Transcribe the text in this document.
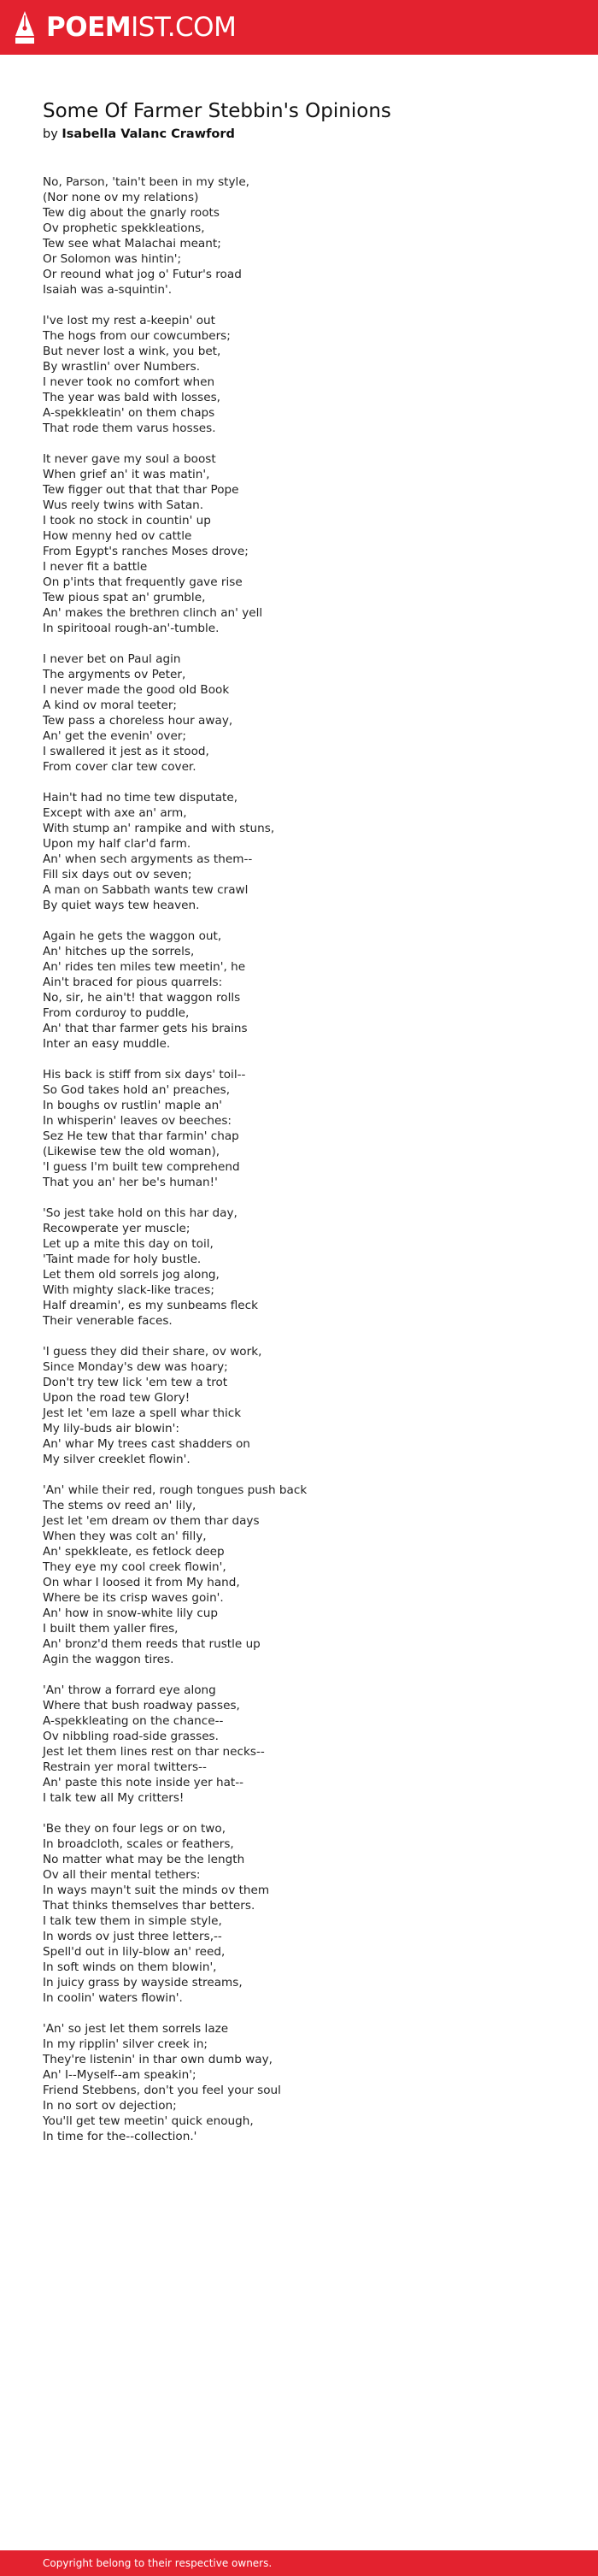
POEMIST.COM
Some Of Farmer Stebbin's Opinions
by Isabella Valanc Crawford
No, Parson, 'tain't been in my style,
(Nor none ov my relations)
Tew dig about the gnarly roots
Ov prophetic spekkleations,
Tew see what Malachai meant;
Or Solomon was hintin';
Or reound what jog o' Futur's road
Isaiah was a-squintin'.
I've lost my rest a-keepin' out
The hogs from our cowcumbers;
But never lost a wink, you bet,
By wrastlin' over Numbers.
I never took no comfort when
The year was bald with losses,
A-spekkleatin' on them chaps
That rode them varus hosses.
It never gave my soul a boost
When grief an' it was matin',
Tew figger out that that thar Pope
Wus reely twins with Satan.
I took no stock in countin' up
How menny hed ov cattle
From Egypt's ranches Moses drove;
I never fit a battle
On p'ints that frequently gave rise
Tew pious spat an' grumble,
An' makes the brethren clinch an' yell
In spiritooal rough-an'-tumble.
I never bet on Paul agin
The argyments ov Peter,
I never made the good old Book
A kind ov moral teeter;
Tew pass a choreless hour away,
An' get the evenin' over;
I swallered it jest as it stood,
From cover clar tew cover.
Hain't had no time tew disputate,
Except with axe an' arm,
With stump an' rampike and with stuns,
Upon my half clar'd farm.
An' when sech argyments as them--
Fill six days out ov seven;
A man on Sabbath wants tew crawl
By quiet ways tew heaven.
Again he gets the waggon out,
An' hitches up the sorrels,
An' rides ten miles tew meetin', he
Ain't braced for pious quarrels:
No, sir, he ain't! that waggon rolls
From corduroy to puddle,
An' that thar farmer gets his brains
Inter an easy muddle.
His back is stiff from six days' toil--
So God takes hold an' preaches,
In boughs ov rustlin' maple an'
In whisperin' leaves ov beeches:
Sez He tew that thar farmin' chap
(Likewise tew the old woman),
'I guess I'm built tew comprehend
That you an' her be's human!'
'So jest take hold on this har day,
Recowperate yer muscle;
Let up a mite this day on toil,
'Taint made for holy bustle.
Let them old sorrels jog along,
With mighty slack-like traces;
Half dreamin', es my sunbeams fleck
Their venerable faces.
'I guess they did their share, ov work,
Since Monday's dew was hoary;
Don't try tew lick 'em tew a trot
Upon the road tew Glory!
Jest let 'em laze a spell whar thick
My lily-buds air blowin':
An' whar My trees cast shadders on
My silver creeklet flowin'.
'An' while their red, rough tongues push back
The stems ov reed an' lily,
Jest let 'em dream ov them thar days
When they was colt an' filly,
An' spekkleate, es fetlock deep
They eye my cool creek flowin',
On whar I loosed it from My hand,
Where be its crisp waves goin'.
An' how in snow-white lily cup
I built them yaller fires,
An' bronz'd them reeds that rustle up
Agin the waggon tires.
'An' throw a forrard eye along
Where that bush roadway passes,
A-spekkleating on the chance--
Ov nibbling road-side grasses.
Jest let them lines rest on thar necks--
Restrain yer moral twitters--
An' paste this note inside yer hat--
I talk tew all My critters!
'Be they on four legs or on two,
In broadcloth, scales or feathers,
No matter what may be the length
Ov all their mental tethers:
In ways mayn't suit the minds ov them
That thinks themselves thar betters.
I talk tew them in simple style,
In words ov just three letters,--
Spell'd out in lily-blow an' reed,
In soft winds on them blowin',
In juicy grass by wayside streams,
In coolin' waters flowin'.
'An' so jest let them sorrels laze
In my ripplin' silver creek in;
They're listenin' in thar own dumb way,
An' I--Myself--am speakin';
Friend Stebbens, don't you feel your soul
In no sort ov dejection;
You'll get tew meetin' quick enough,
In time for the--collection.'
Copyright belong to their respective owners.
